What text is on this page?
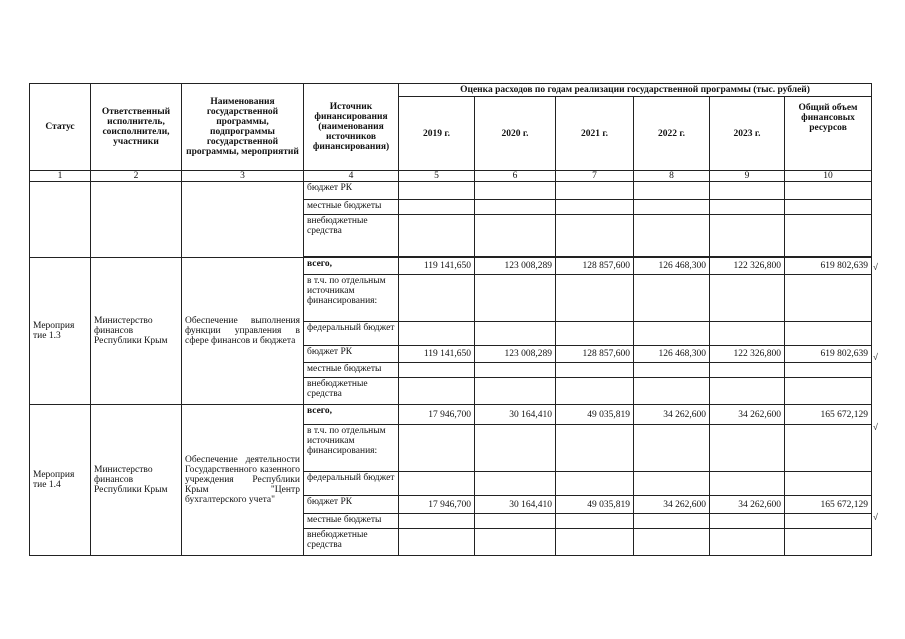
Статус	Ответственный исполнитель, соисполнители, участники	Наименования государственной программы, подпрограммы государственной программы, мероприятий	Источник финансирования (наименования источников финансирования)	Оценка расходов по годам реализации государственной программы (тыс. рублей)					
				2019 г.	2020 г.	2021 г.	2022 г.	2023 г.	Общий объем финансовых ресурсов
1	2	3	4	5	6	7	8	9	10
			бюджет РК						
			местные бюджеты						
			внебюджетные средства						

Мероприя тие 1.3	Министерство финансов Республики Крым	Обеспечение выполнения функции управления в сфере финансов и бюджета	всего,	119 141,650	123 008,289	128 857,600	126 468,300	122 326,800	619 802,639
			в т.ч. по отдельным источникам финансирования:						
			федеральный бюджет						
			бюджет РК	119 141,650	123 008,289	128 857,600	126 468,300	122 326,800	619 802,639
			местные бюджеты						
			внебюджетные средства						
Мероприя тие 1.4	Министерство финансов Республики Крым	Обеспечение деятельности Государственного казенного учреждения Республики Крым "Центр бухгалтерского учета"	всего,	17 946,700	30 164,410	49 035,819	34 262,600	34 262,600	165 672,129
			в т.ч. по отдельным источникам финансирования:						
			федеральный бюджет						
			бюджет РК	17 946,700	30 164,410	49 035,819	34 262,600	34 262,600	165 672,129
			местные бюджеты						
			внебюджетные средства						
√
√
√
√
